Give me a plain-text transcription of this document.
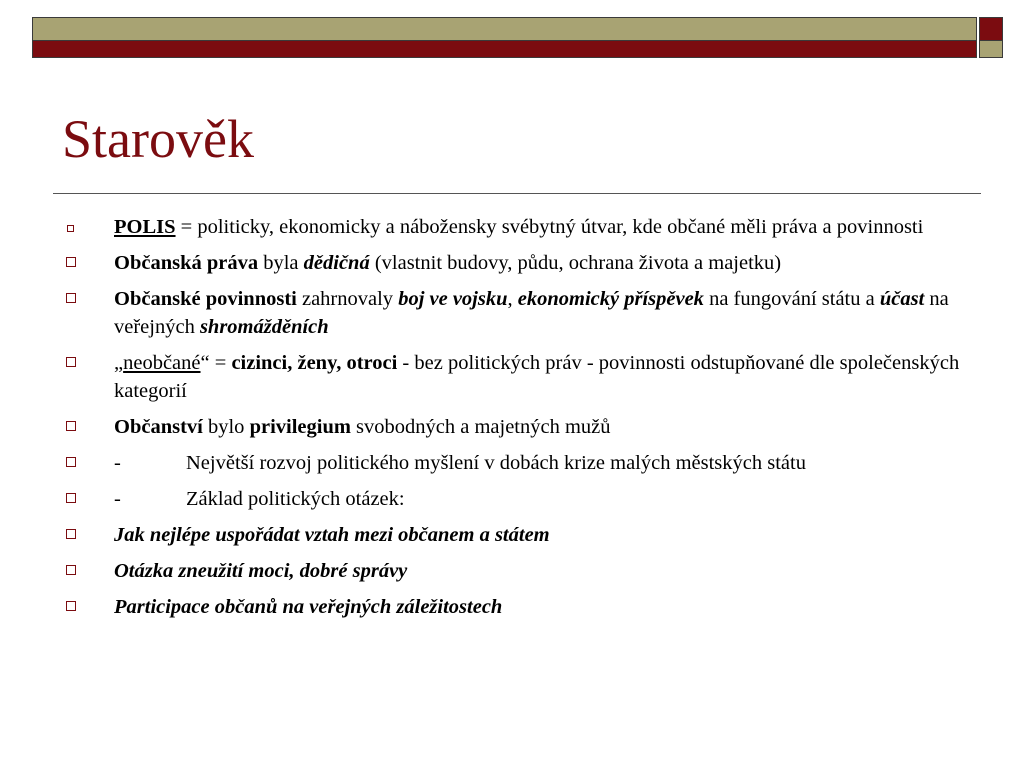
Starověk
POLIS = politicky, ekonomicky a nábožensky svébytný útvar, kde občané měli práva a povinnosti
Občanská práva byla dědičná (vlastnit budovy, půdu, ochrana života a majetku)
Občanské povinnosti zahrnovaly boj ve vojsku, ekonomický příspěvek na fungování státu a účast na veřejných shromážděních
„neobčané“ = cizinci, ženy, otroci - bez politických práv - povinnosti odstupňované dle společenských kategorií
Občanství bylo privilegium svobodných a majetných mužů
-	Největší rozvoj politického myšlení v dobách krize malých městských státu
-	Základ politických otázek:
Jak nejlépe uspořádat vztah mezi občanem a státem
Otázka zneužití moci, dobré správy
Participace občanů na veřejných záležitostech
